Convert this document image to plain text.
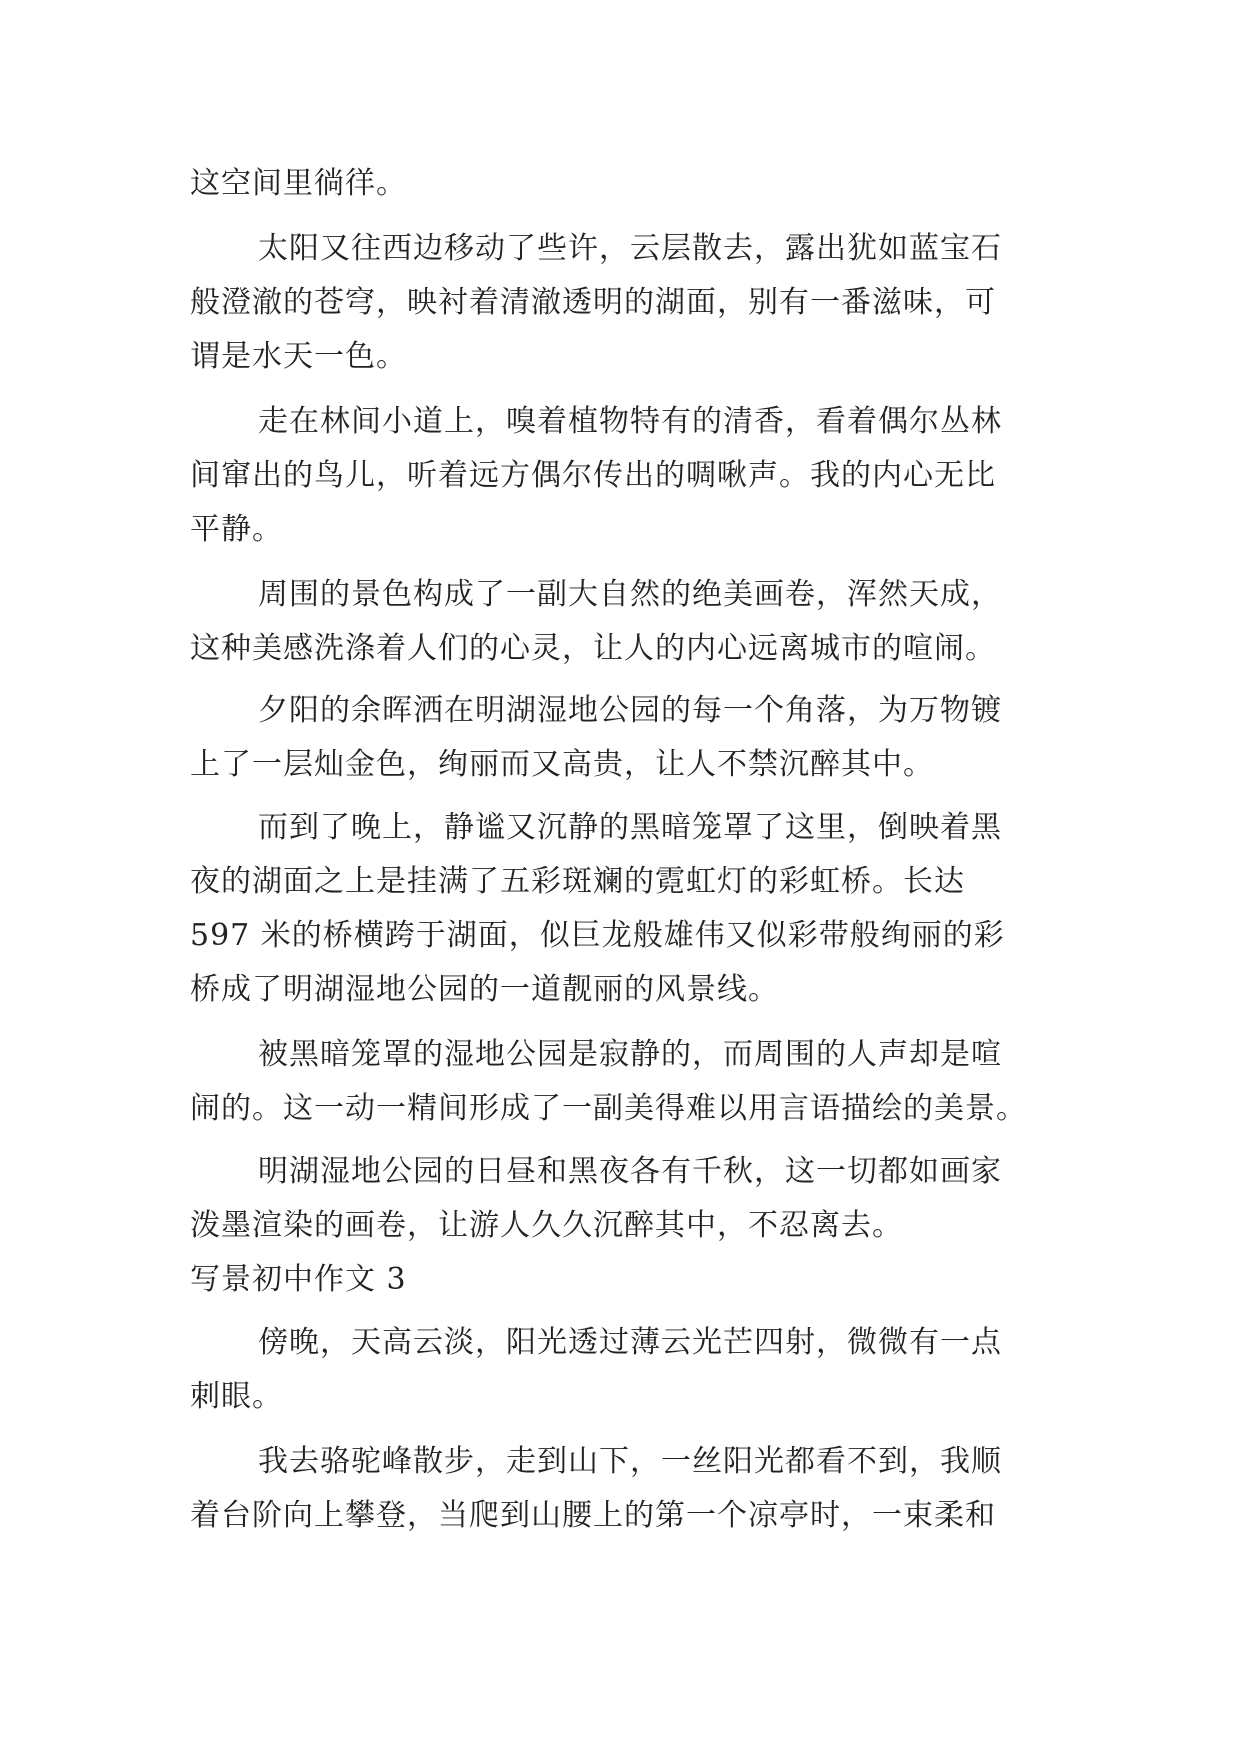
这空间里徜徉。
太阳又往西边移动了些许，云层散去，露出犹如蓝宝石
般澄澈的苍穹，映衬着清澈透明的湖面，别有一番滋味，可
谓是水天一色。
走在林间小道上，嗅着植物特有的清香，看着偶尔丛林
间窜出的鸟儿，听着远方偶尔传出的啁啾声。我的内心无比
平静。
周围的景色构成了一副大自然的绝美画卷，浑然天成，
这种美感洗涤着人们的心灵，让人的内心远离城市的喧闹。
夕阳的余晖洒在明湖湿地公园的每一个角落，为万物镀
上了一层灿金色，绚丽而又高贵，让人不禁沉醉其中。
而到了晚上，静谧又沉静的黑暗笼罩了这里，倒映着黑
夜的湖面之上是挂满了五彩斑斓的霓虹灯的彩虹桥。长达
597 米的桥横跨于湖面，似巨龙般雄伟又似彩带般绚丽的彩
桥成了明湖湿地公园的一道靓丽的风景线。
被黑暗笼罩的湿地公园是寂静的，而周围的人声却是喧
闹的。这一动一精间形成了一副美得难以用言语描绘的美景。
明湖湿地公园的日昼和黑夜各有千秋，这一切都如画家
泼墨渲染的画卷，让游人久久沉醉其中，不忍离去。
写景初中作文 3
傍晚，天高云淡，阳光透过薄云光芒四射，微微有一点
刺眼。
我去骆驼峰散步，走到山下，一丝阳光都看不到，我顺
着台阶向上攀登，当爬到山腰上的第一个凉亭时，一束柔和
